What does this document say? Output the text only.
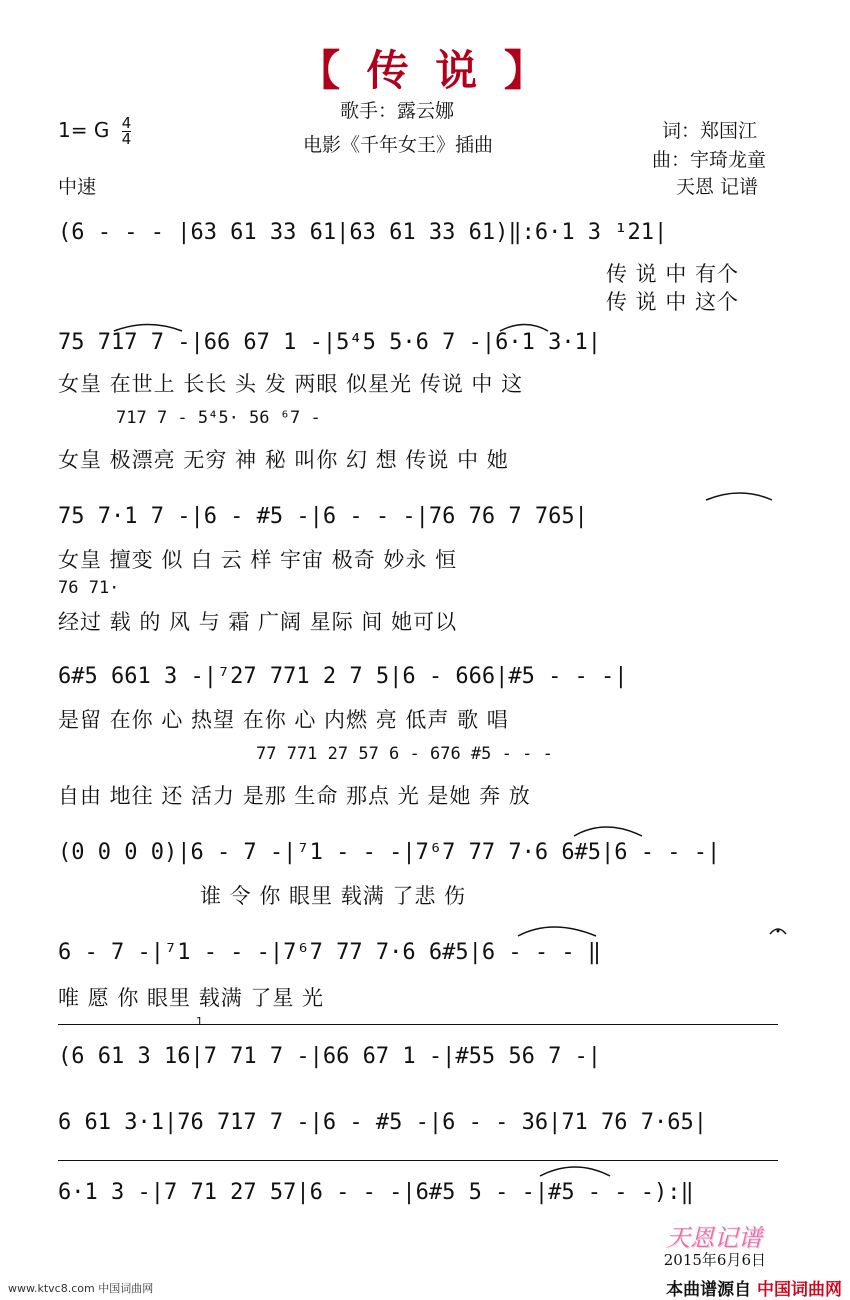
【 传 说 】
歌手：露云娜
电影《千年女王》插曲
1= G $\frac{4}{4}$
中速
词：郑国江
曲：宇琦龙童
天恩 记谱
(6 - - - |63 61 33 61|63 61 33 61)‖:6·1 3 ¹21|
传 说 中 有个
传 说 中 这个
75 717 7 -|66 67 1 -|5⁴5 5·6 7 -|6·1 3·1|
女皇 在世上 长长 头 发 两眼 似星光 传说 中 这
717 7 - 5⁴5· 56 ⁶7 -
女皇 极漂亮 无穷 神 秘 叫你 幻 想 传说 中 她
75 7·1 7 -|6 - #5 -|6 - - -|76 76 7 765|
女皇 擅变 似 白 云 样 宇宙 极奇 妙永 恒
76 71·
经过 载 的 风 与 霜 广阔 星际 间 她可以
6#5 661 3 -|⁷27 771 2 7 5|6 - 666|#5 - - -|
是留 在你 心 热望 在你 心 内燃 亮 低声 歌 唱
77 771 27 57 6 - 676 #5 - - -
自由 地往 还 活力 是那 生命 那点 光 是她 奔 放
(0 0 0 0)|6 - 7 -|⁷1 - - -|7⁶7 77 7·6 6#5|6 - - -|
谁 令 你 眼里 载满 了悲 伤
6 - 7 -|⁷1 - - -|7⁶7 77 7·6 6#5|6 - - - ‖
唯 愿 你 眼里 载满 了星 光
1
(6 61 3 16|7 71 7 -|66 67 1 -|#55 56 7 -|
6 61 3·1|76 717 7 -|6 - #5 -|6 - - 36|71 76 7·65|
6·1 3 -|7 71 27 57|6 - - -|6#5 5 - -|#5 - - -):‖
天恩记谱
2015年6月6日
www.ktvc8.com 中国词曲网	本曲谱源自 中国词曲网
